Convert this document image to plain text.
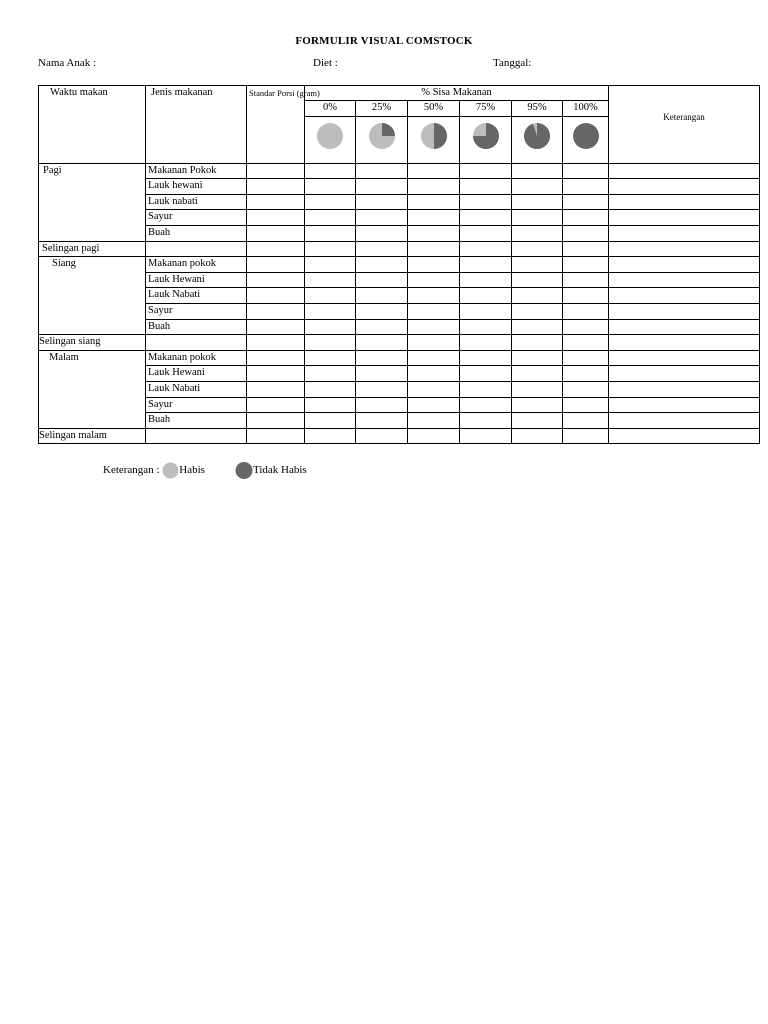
FORMULIR VISUAL COMSTOCK
Nama Anak :	Diet :	Tanggal:
Waktu makan	Jenis makanan	Standar Porsi (gram)	% Sisa Makanan						Keterangan
			0%	25%	50%	75%	95%	100%	

Pagi	Makanan Pokok								
	Lauk hewani								
	Lauk nabati								
	Sayur								
	Buah								
Selingan pagi									
Siang	Makanan pokok								
	Lauk Hewani								
	Lauk Nabati								
	Sayur								
	Buah								
Selingan siang									
Malam	Makanan pokok								
	Lauk Hewani								
	Lauk Nabati								
	Sayur								
	Buah								
Selingan malam									
Keterangan : Habis	Tidak Habis
